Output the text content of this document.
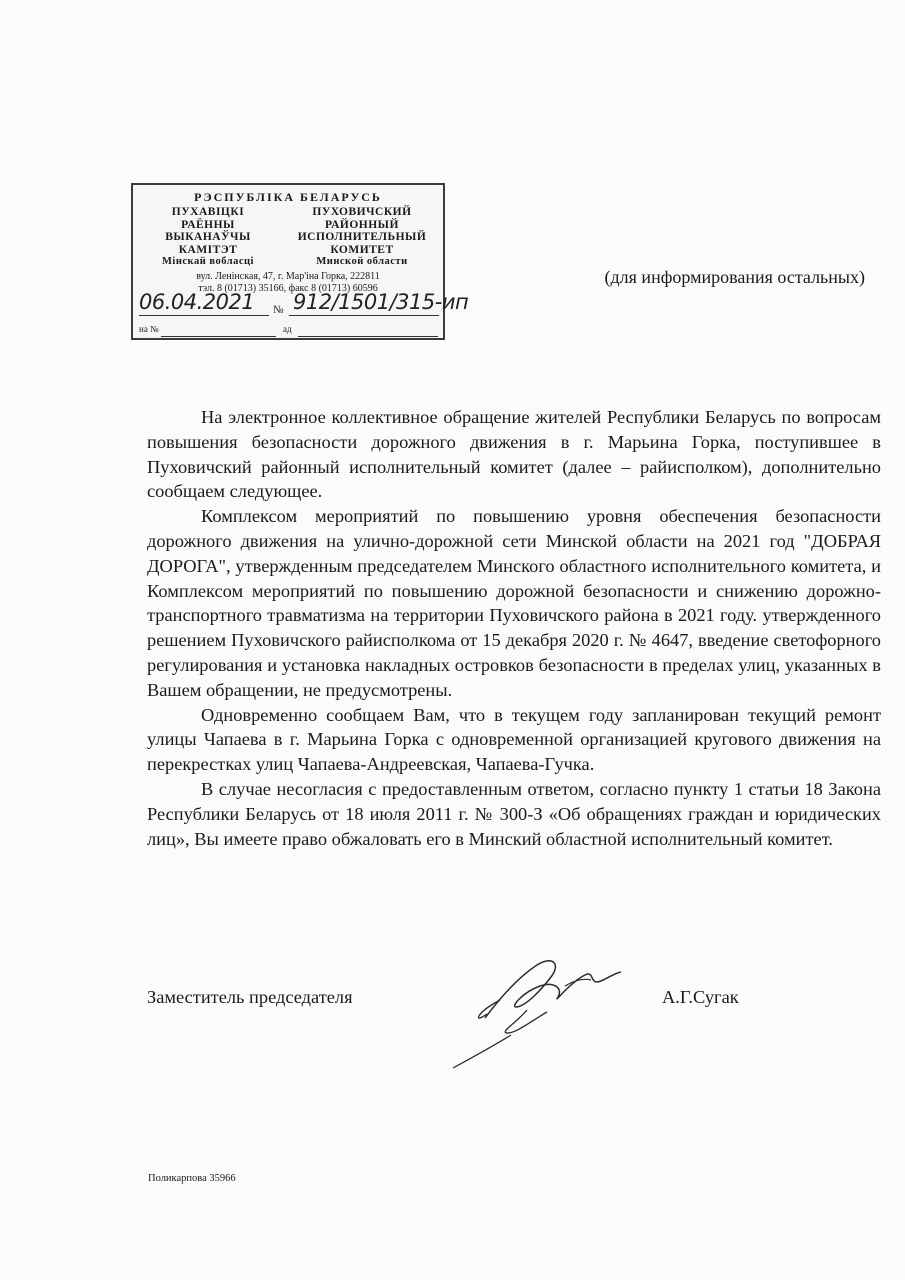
РЭСПУБЛІКА БЕЛАРУСЬ
ПУХАВІЦКІ
РАЁННЫ
ВЫКАНАЎЧЫ
КАМІТЭТ
Мінскай вобласці
ПУХОВИЧСКИЙ
РАЙОННЫЙ
ИСПОЛНИТЕЛЬНЫЙ
КОМИТЕТ
Минской области
вул. Ленінская, 47, г. Мар'іна Горка, 222811
тэл. 8 (01713) 35166, факс 8 (01713) 60596
06.04.2021 № 912/1501/315-ип
на №	ад
(для информирования остальных)

На электронное коллективное обращение жителей Республики Беларусь по вопросам повышения безопасности дорожного движения в г. Марьина Горка, поступившее в Пуховичский районный исполнительный комитет (далее – райисполком), дополнительно сообщаем следующее.

Комплексом мероприятий по повышению уровня обеспечения безопасности дорожного движения на улично-дорожной сети Минской области на 2021 год "ДОБРАЯ ДОРОГА", утвержденным председателем Минского областного исполнительного комитета, и Комплексом мероприятий по повышению дорожной безопасности и снижению дорожно-транспортного травматизма на территории Пуховичского района в 2021 году. утвержденного решением Пуховичского райисполкома от 15 декабря 2020 г. № 4647, введение светофорного регулирования и установка накладных островков безопасности в пределах улиц, указанных в Вашем обращении, не предусмотрены.

Одновременно сообщаем Вам, что в текущем году запланирован текущий ремонт улицы Чапаева в г. Марьина Горка с одновременной организацией кругового движения на перекрестках улиц Чапаева-Андреевская, Чапаева-Гучка.

В случае несогласия с предоставленным ответом, согласно пункту 1 статьи 18 Закона Республики Беларусь от 18 июля 2011 г. № 300-З «Об обращениях граждан и юридических лиц», Вы имеете право обжаловать его в Минский областной исполнительный комитет.

Заместитель председателя	А.Г.Сугак
Поликарпова 35966
